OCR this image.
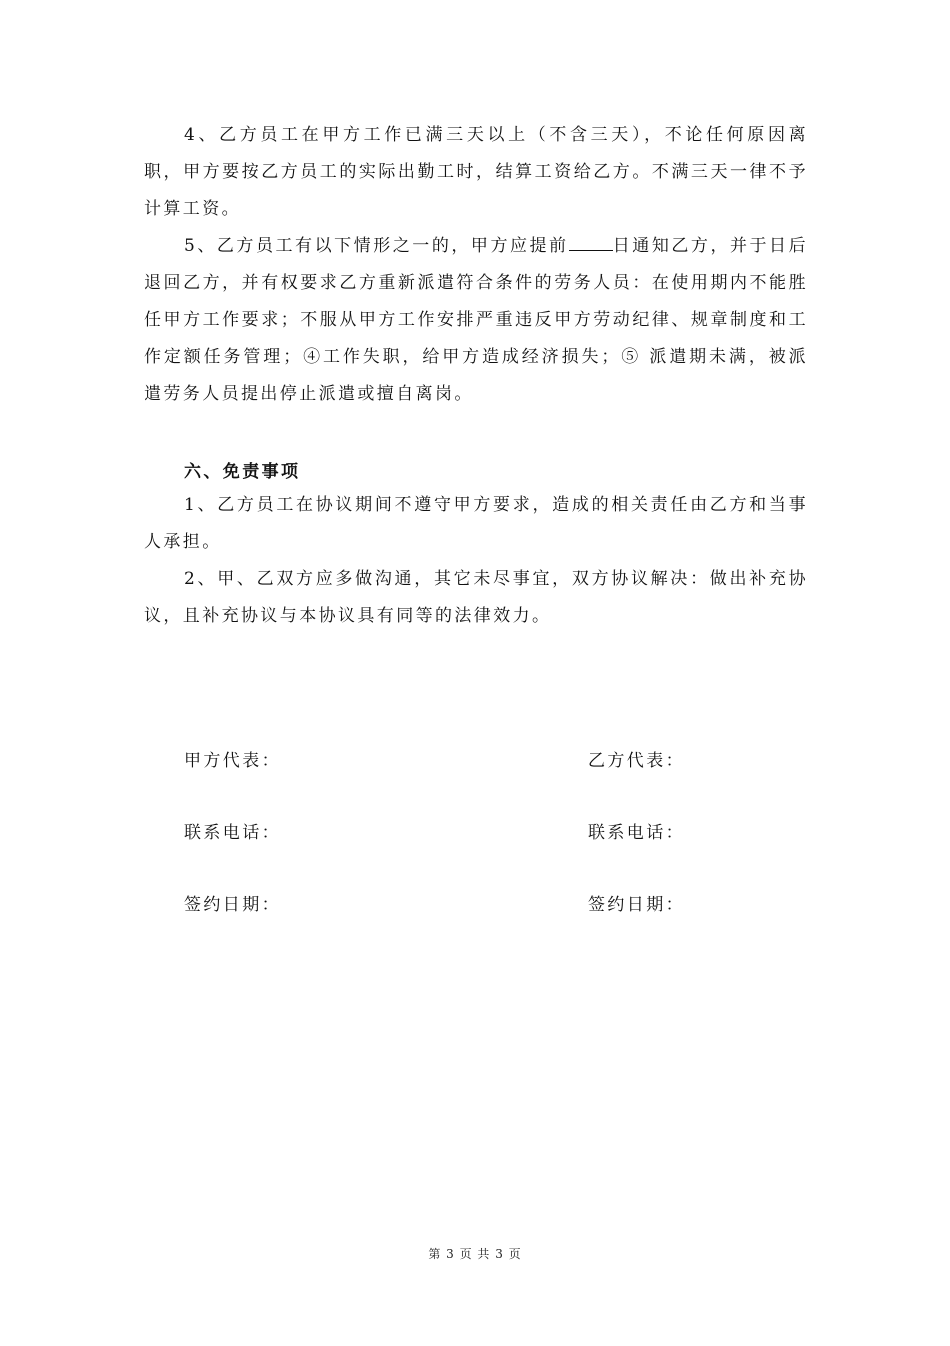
4、乙方员工在甲方工作已满三天以上（不含三天），不论任何原因离职，甲方要按乙方员工的实际出勤工时，结算工资给乙方。不满三天一律不予计算工资。

5、乙方员工有以下情形之一的，甲方应提前	日通知乙方，并于日后退回乙方，并有权要求乙方重新派遣符合条件的劳务人员：在使用期内不能胜任甲方工作要求；不服从甲方工作安排严重违反甲方劳动纪律、规章制度和工作定额任务管理；④工作失职，给甲方造成经济损失；⑤ 派遣期未满，被派遣劳务人员提出停止派遣或擅自离岗。

六、免责事项

1、乙方员工在协议期间不遵守甲方要求，造成的相关责任由乙方和当事人承担。

2、甲、乙双方应多做沟通，其它未尽事宜，双方协议解决：做出补充协议，且补充协议与本协议具有同等的法律效力。

甲方代表：	乙方代表：

联系电话：	联系电话：

签约日期：	签约日期：

第 3 页 共 3 页
